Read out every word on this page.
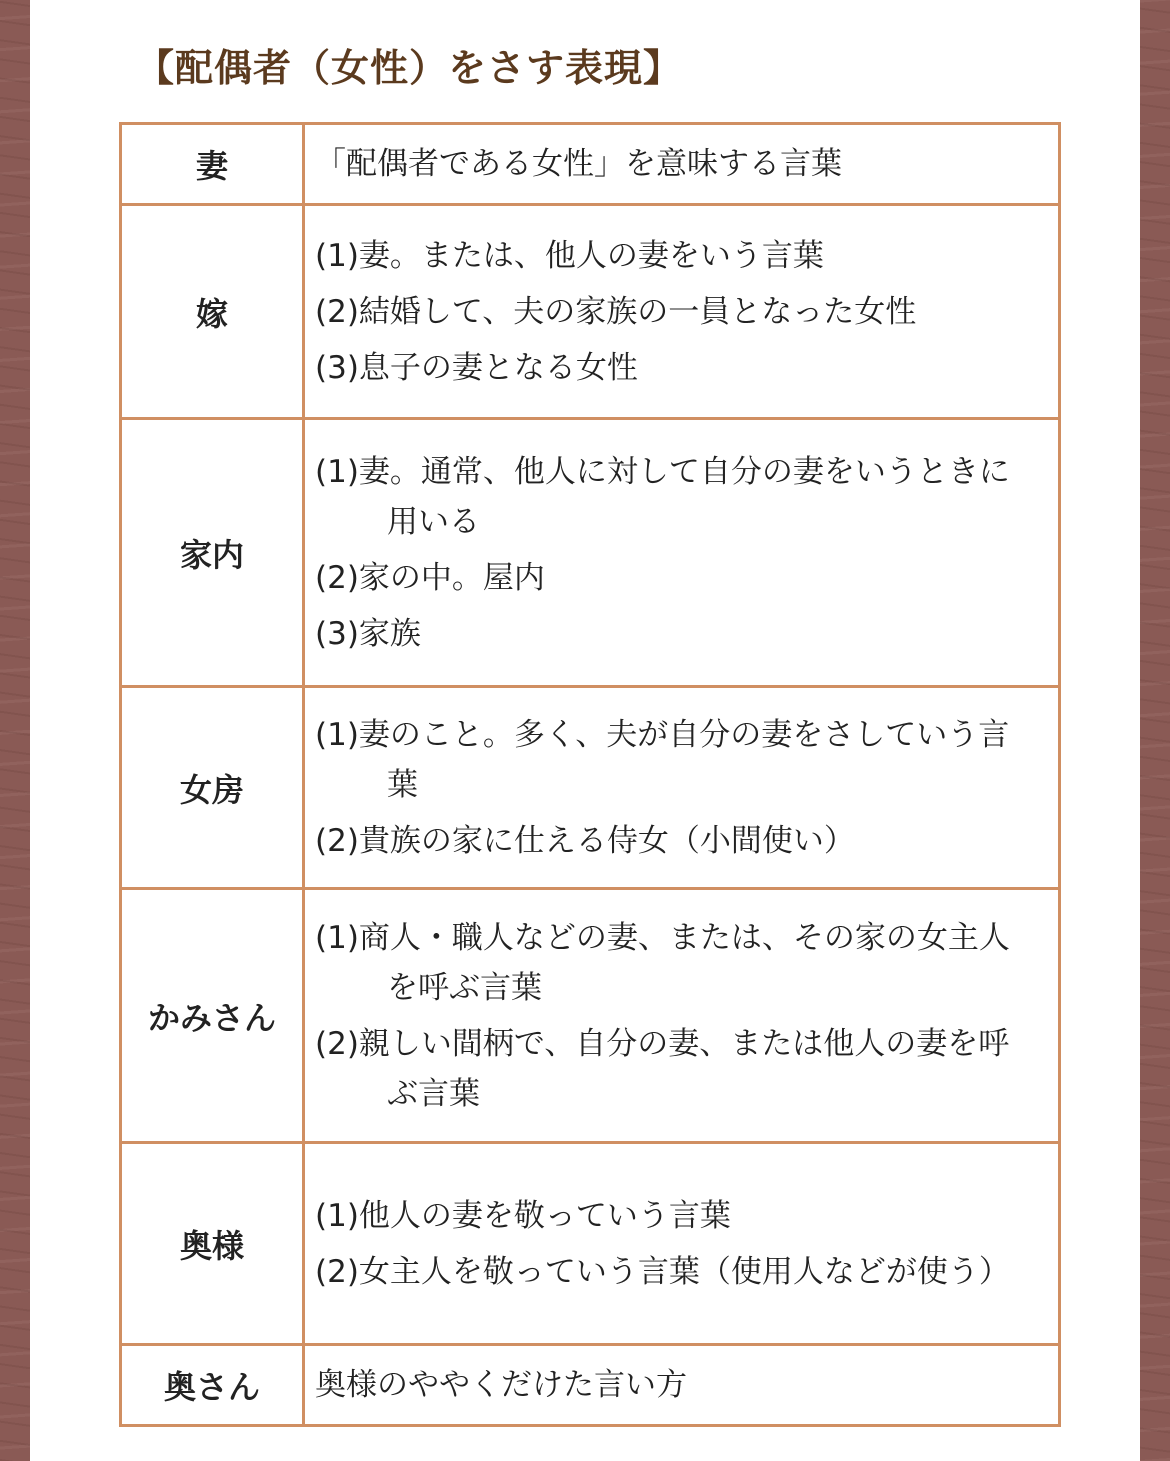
【配偶者（女性）をさす表現】
妻	「配偶者である女性」を意味する言葉

嫁	(1)妻。または、他人の妻をいう言葉
(2)結婚して、夫の家族の一員となった女性
(3)息子の妻となる女性

家内	(1)妻。通常、他人に対して自分の妻をいうときに用いる
(2)家の中。屋内
(3)家族

女房	(1)妻のこと。多く、夫が自分の妻をさしていう言葉
(2)貴族の家に仕える侍女（小間使い）

かみさん	(1)商人・職人などの妻、または、その家の女主人を呼ぶ言葉
(2)親しい間柄で、自分の妻、または他人の妻を呼ぶ言葉

奥様	(1)他人の妻を敬っていう言葉
(2)女主人を敬っていう言葉（使用人などが使う）

奥さん	奥様のややくだけた言い方
